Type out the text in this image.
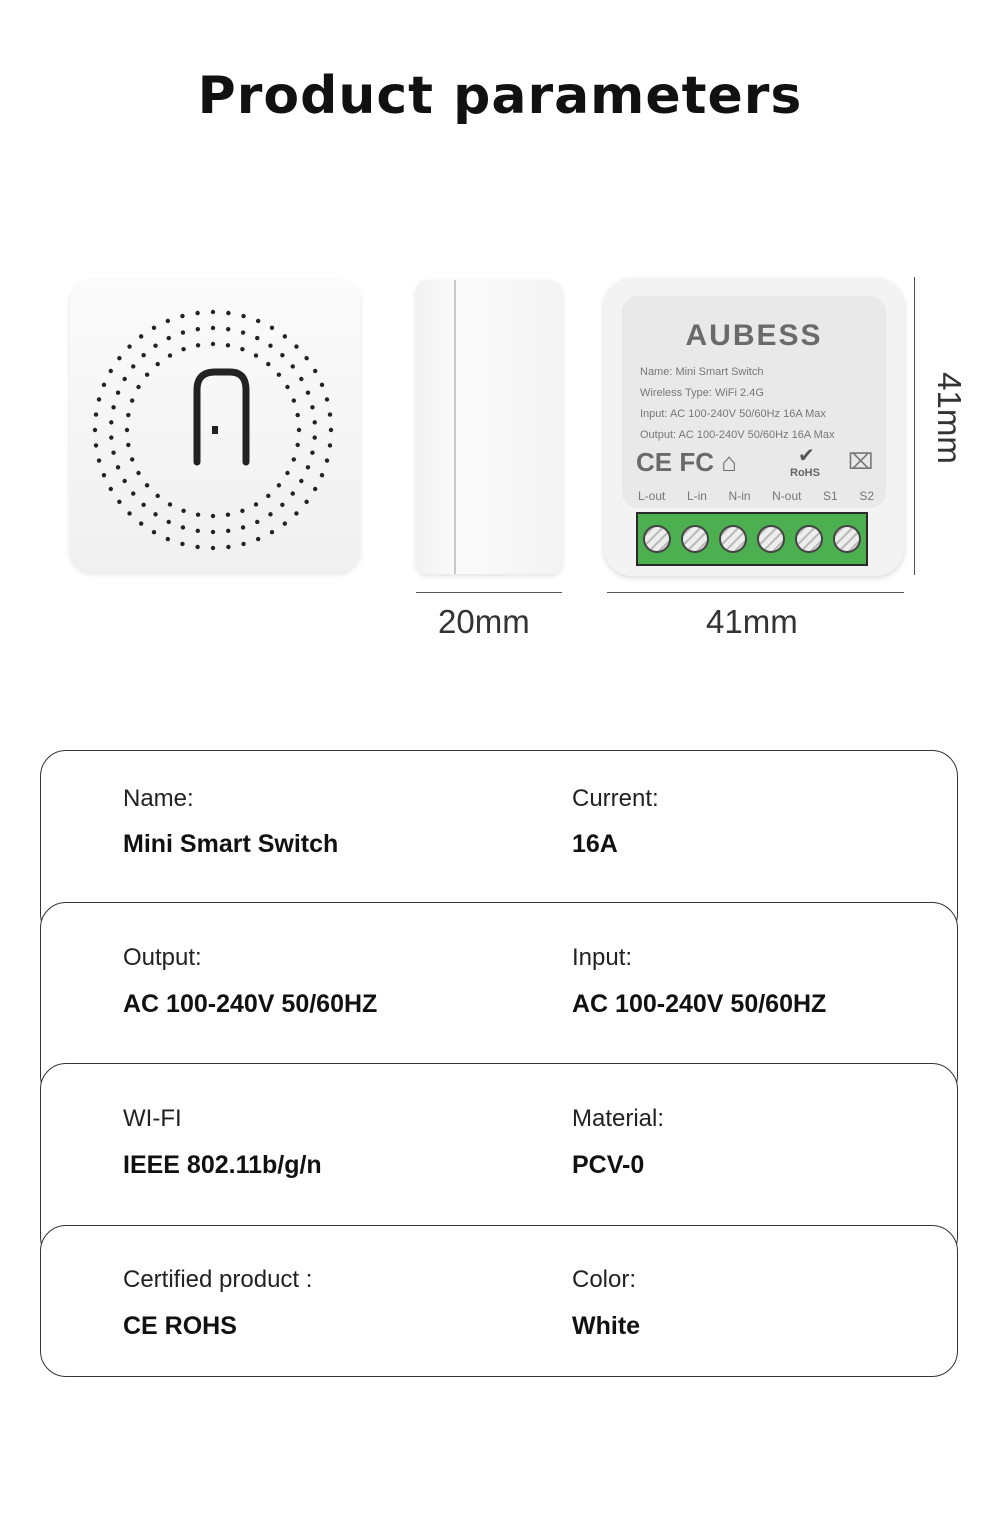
Product parameters
20mm
AUBESS
Name: Mini Smart Switch
Wireless Type: WiFi 2.4G
Input: AC 100-240V 50/60Hz 16A Max
Output: AC 100-240V 50/60Hz 16A Max
CE FC ⌂	✔
RoHS ⌧
L-out L-in N-in N-out S1 S2
41mm
41mm
Name:
Mini Smart Switch
Current:
16A
Output:
AC 100-240V 50/60HZ
Input:
AC 100-240V 50/60HZ
WI-FI
IEEE 802.11b/g/n
Material:
PCV-0
Certified product :
CE ROHS
Color:
White
